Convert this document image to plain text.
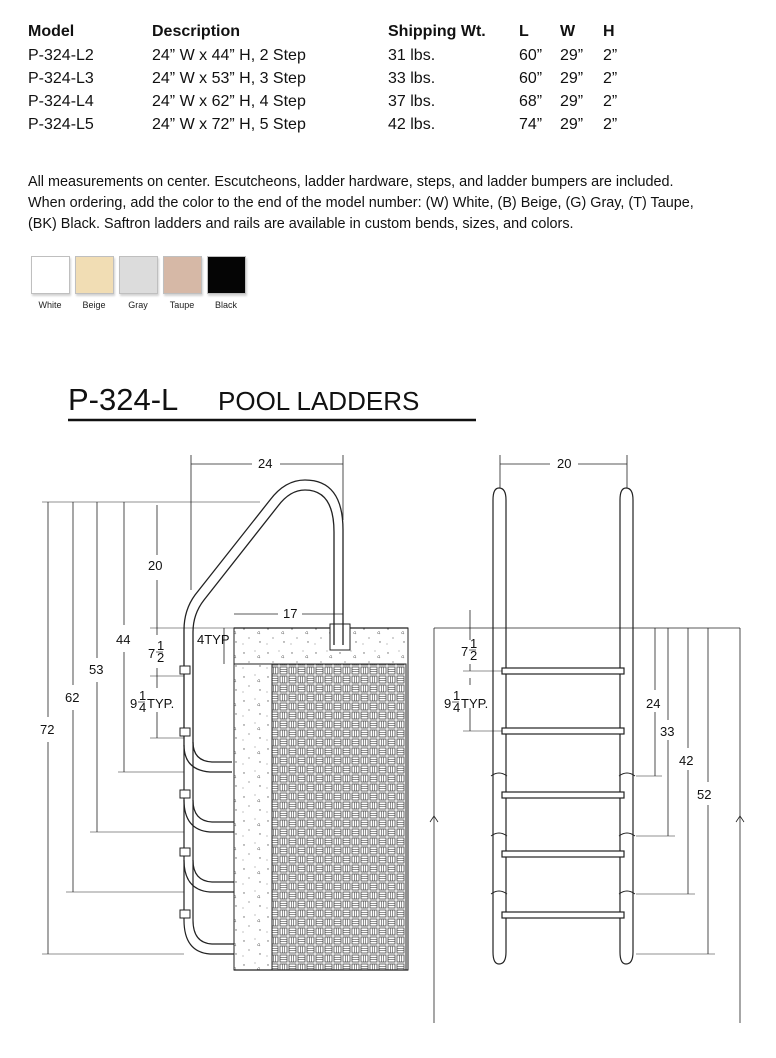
Model	Description	Shipping Wt.	L	W	H
P-324-L2	24” W x 44” H, 2 Step	31 lbs.	60”	29”	2”
P-324-L3	24” W x 53” H, 3 Step	33 lbs.	60”	29”	2”
P-324-L4	24” W x 62” H, 4 Step	37 lbs.	68”	29”	2”
P-324-L5	24” W x 72” H, 5 Step	42 lbs.	74”	29”	2”
All measurements on center. Escutcheons, ladder hardware, steps, and ladder bumpers are included.
When ordering, add the color to the end of the model number: (W) White, (B) Beige, (G) Gray, (T) Taupe,
(BK) Black. Saftron ladders and rails are available in custom bends, sizes, and colors.
White Beige	Gray Taupe Black
P-324-L POOL LADDERS
24
17
20
4TYP
7
1
2
9
1
4 TYP.
44
53
62
72
20
7
1
2
9
1
4 TYP.	24
33
42
52
